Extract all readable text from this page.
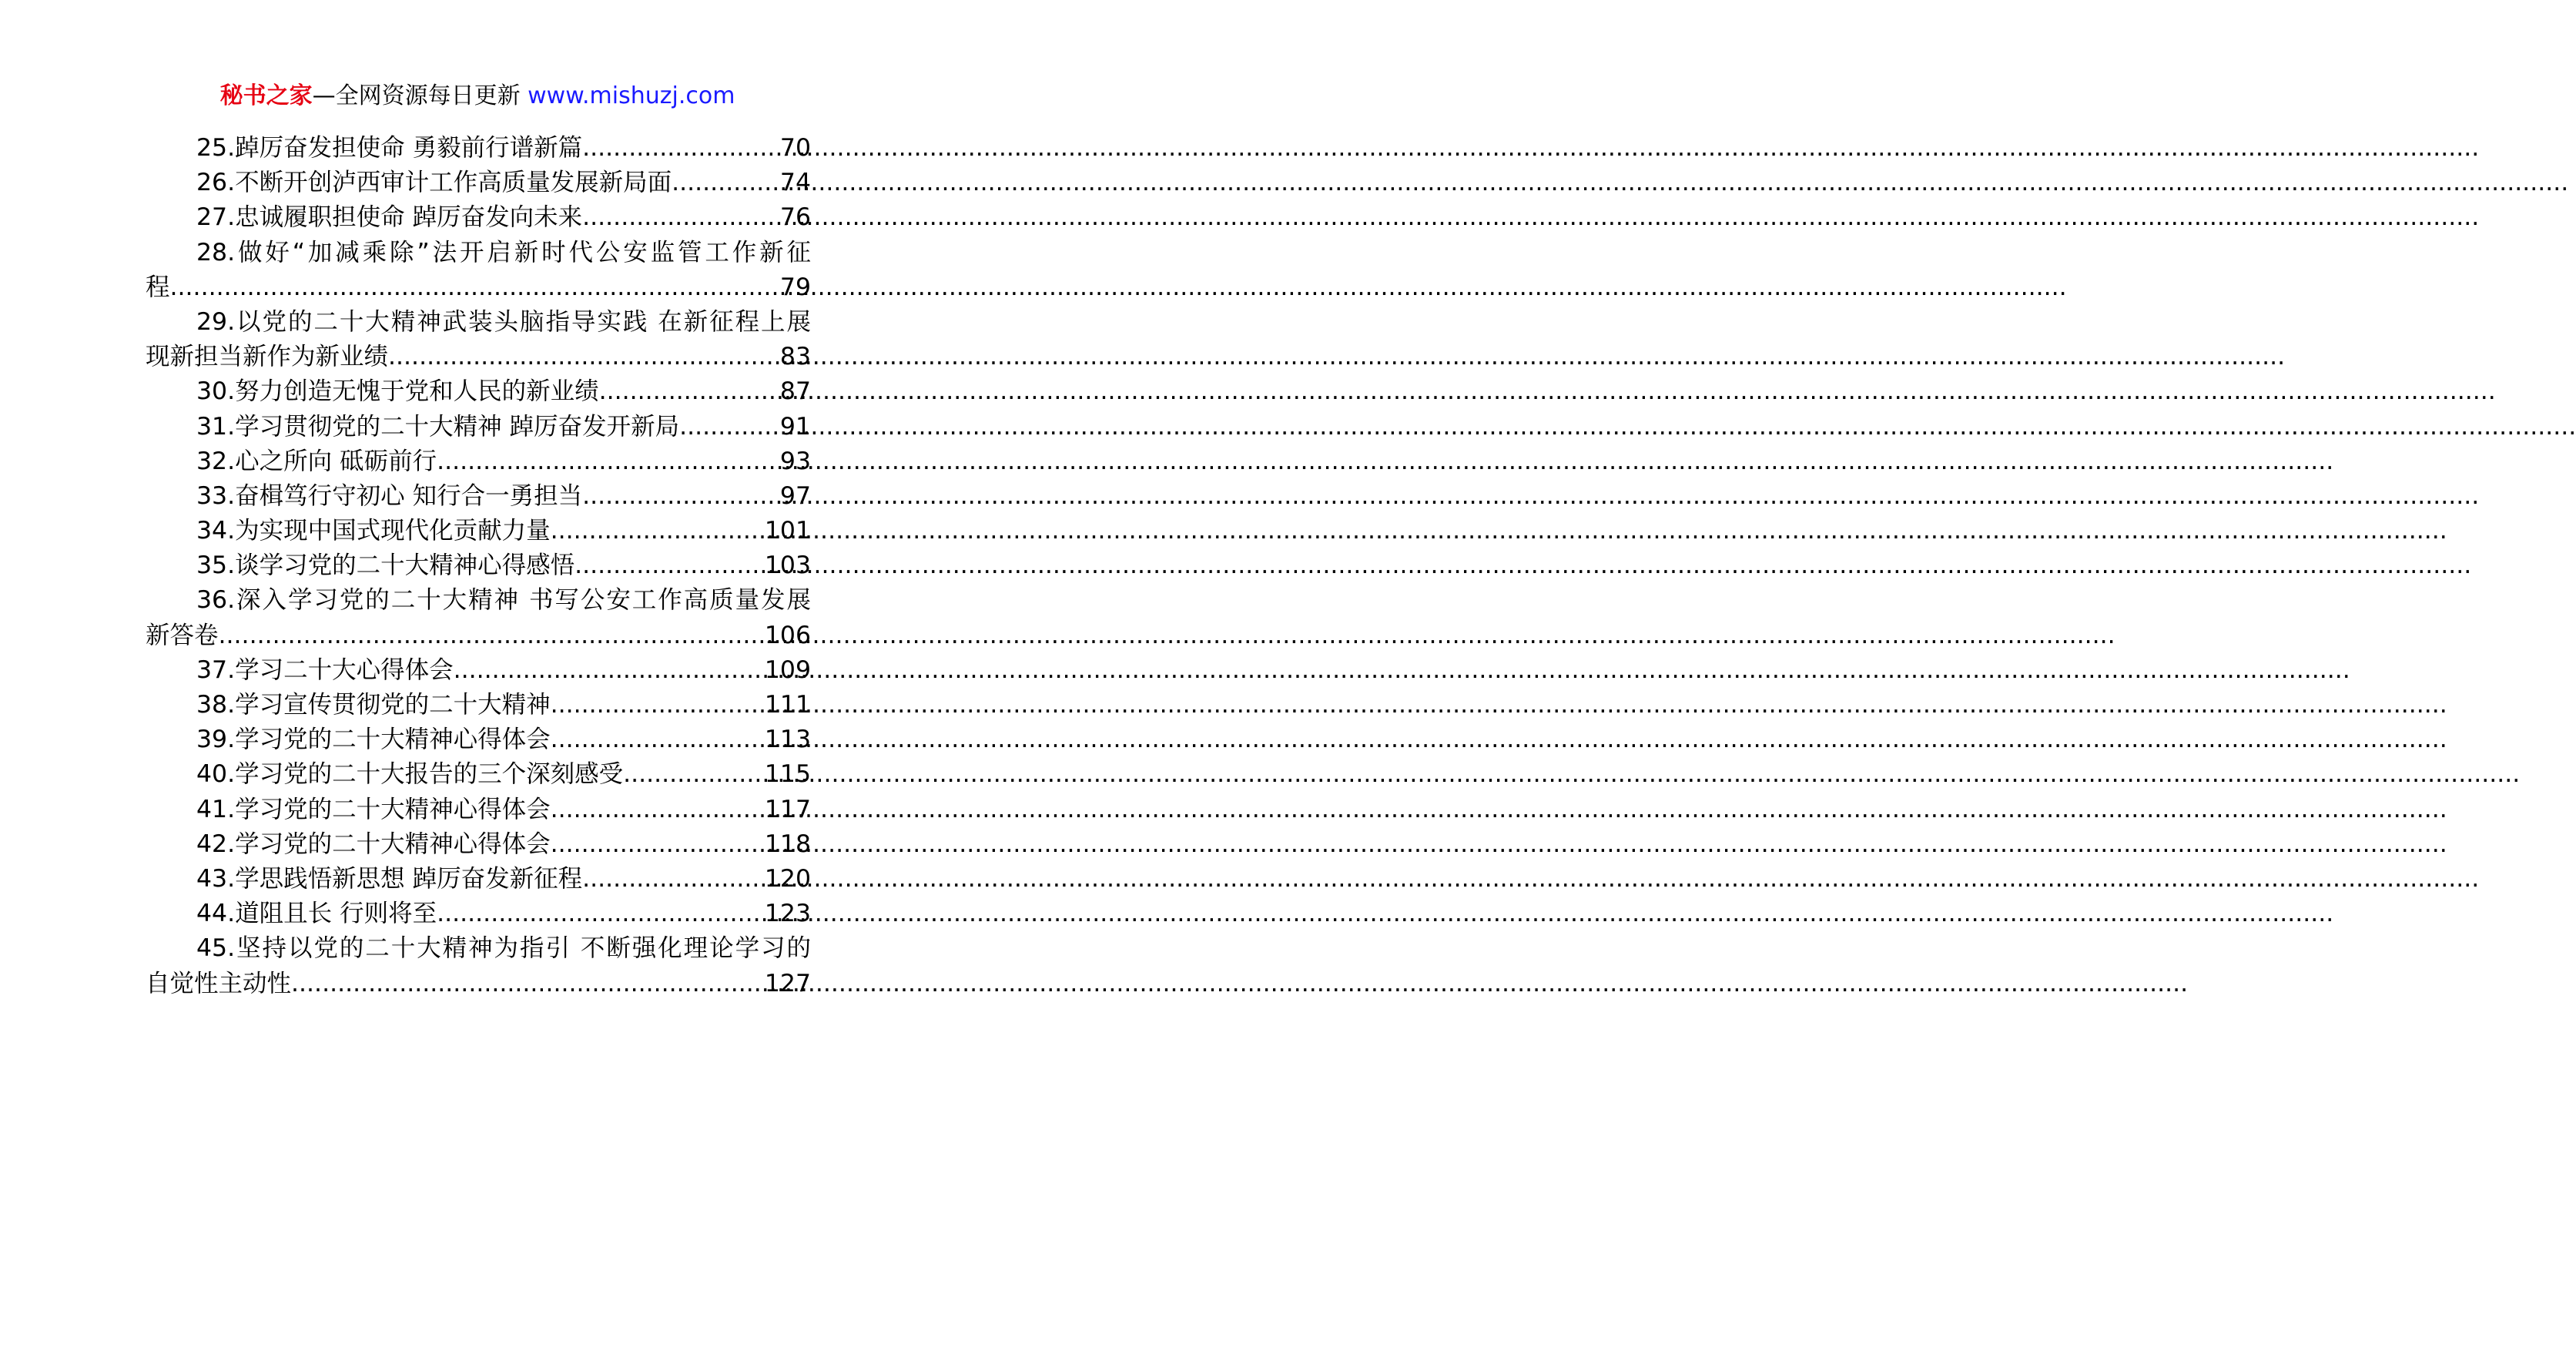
秘书之家—全网资源每日更新 www.mishuzj.com
25.踔厉奋发担使命 勇毅前行谱新篇 .....	70
26.不断开创泸西审计工作高质量发展新局面 .....	74
27.忠诚履职担使命 踔厉奋发向未来 .....	76
28.做好“加减乘除”法开启新时代公安监管工作新征
程 .....	79
29.以党的二十大精神武装头脑指导实践 在新征程上展
现新担当新作为新业绩 .....	83
30.努力创造无愧于党和人民的新业绩 .....	87
31.学习贯彻党的二十大精神 踔厉奋发开新局 .....	91
32.心之所向 砥砺前行 .....	93
33.奋楫笃行守初心 知行合一勇担当 .....	97
34.为实现中国式现代化贡献力量 .....	101
35.谈学习党的二十大精神心得感悟 .....	103
36.深入学习党的二十大精神 书写公安工作高质量发展
新答卷 .....	106
37.学习二十大心得体会 .....	109
38.学习宣传贯彻党的二十大精神 .....	111
39.学习党的二十大精神心得体会 .....	113
40.学习党的二十大报告的三个深刻感受 .....	115
41.学习党的二十大精神心得体会 .....	117
42.学习党的二十大精神心得体会 .....	118
43.学思践悟新思想 踔厉奋发新征程 .....	120
44.道阻且长 行则将至 .....	123
45.坚持以党的二十大精神为指引 不断强化理论学习的
自觉性主动性 .....	127
